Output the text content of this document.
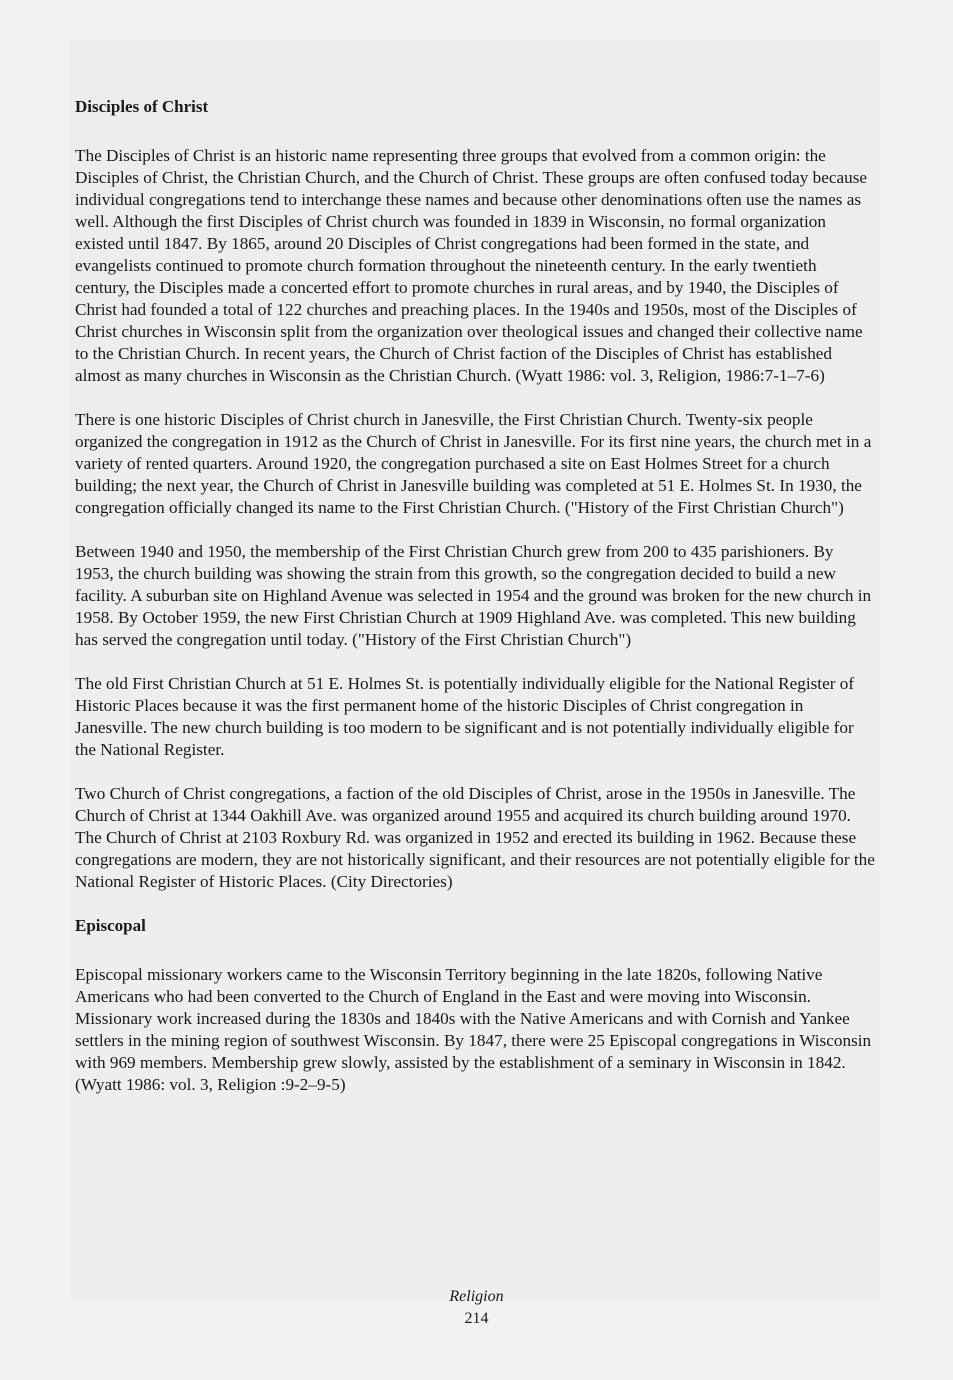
Disciples of Christ

The Disciples of Christ is an historic name representing three groups that evolved from a common origin: the Disciples of Christ, the Christian Church, and the Church of Christ. These groups are often confused today because individual congregations tend to interchange these names and because other denominations often use the names as well. Although the first Disciples of Christ church was founded in 1839 in Wisconsin, no formal organization existed until 1847. By 1865, around 20 Disciples of Christ congregations had been formed in the state, and evangelists continued to promote church formation throughout the nineteenth century. In the early twentieth century, the Disciples made a concerted effort to promote churches in rural areas, and by 1940, the Disciples of Christ had founded a total of 122 churches and preaching places. In the 1940s and 1950s, most of the Disciples of Christ churches in Wisconsin split from the organization over theological issues and changed their collective name to the Christian Church. In recent years, the Church of Christ faction of the Disciples of Christ has established almost as many churches in Wisconsin as the Christian Church. (Wyatt 1986: vol. 3, Religion, 1986:7-1–7-6)

There is one historic Disciples of Christ church in Janesville, the First Christian Church. Twenty-six people organized the congregation in 1912 as the Church of Christ in Janesville. For its first nine years, the church met in a variety of rented quarters. Around 1920, the congregation purchased a site on East Holmes Street for a church building; the next year, the Church of Christ in Janesville building was completed at 51 E. Holmes St. In 1930, the congregation officially changed its name to the First Christian Church. ("History of the First Christian Church")

Between 1940 and 1950, the membership of the First Christian Church grew from 200 to 435 parishioners. By 1953, the church building was showing the strain from this growth, so the congregation decided to build a new facility. A suburban site on Highland Avenue was selected in 1954 and the ground was broken for the new church in 1958. By October 1959, the new First Christian Church at 1909 Highland Ave. was completed. This new building has served the congregation until today. ("History of the First Christian Church")

The old First Christian Church at 51 E. Holmes St. is potentially individually eligible for the National Register of Historic Places because it was the first permanent home of the historic Disciples of Christ congregation in Janesville. The new church building is too modern to be significant and is not potentially individually eligible for the National Register.

Two Church of Christ congregations, a faction of the old Disciples of Christ, arose in the 1950s in Janesville. The Church of Christ at 1344 Oakhill Ave. was organized around 1955 and acquired its church building around 1970. The Church of Christ at 2103 Roxbury Rd. was organized in 1952 and erected its building in 1962. Because these congregations are modern, they are not historically significant, and their resources are not potentially eligible for the National Register of Historic Places. (City Directories)

Episcopal

Episcopal missionary workers came to the Wisconsin Territory beginning in the late 1820s, following Native Americans who had been converted to the Church of England in the East and were moving into Wisconsin. Missionary work increased during the 1830s and 1840s with the Native Americans and with Cornish and Yankee settlers in the mining region of southwest Wisconsin. By 1847, there were 25 Episcopal congregations in Wisconsin with 969 members. Membership grew slowly, assisted by the establishment of a seminary in Wisconsin in 1842. (Wyatt 1986: vol. 3, Religion :9-2–9-5)

Religion
214
